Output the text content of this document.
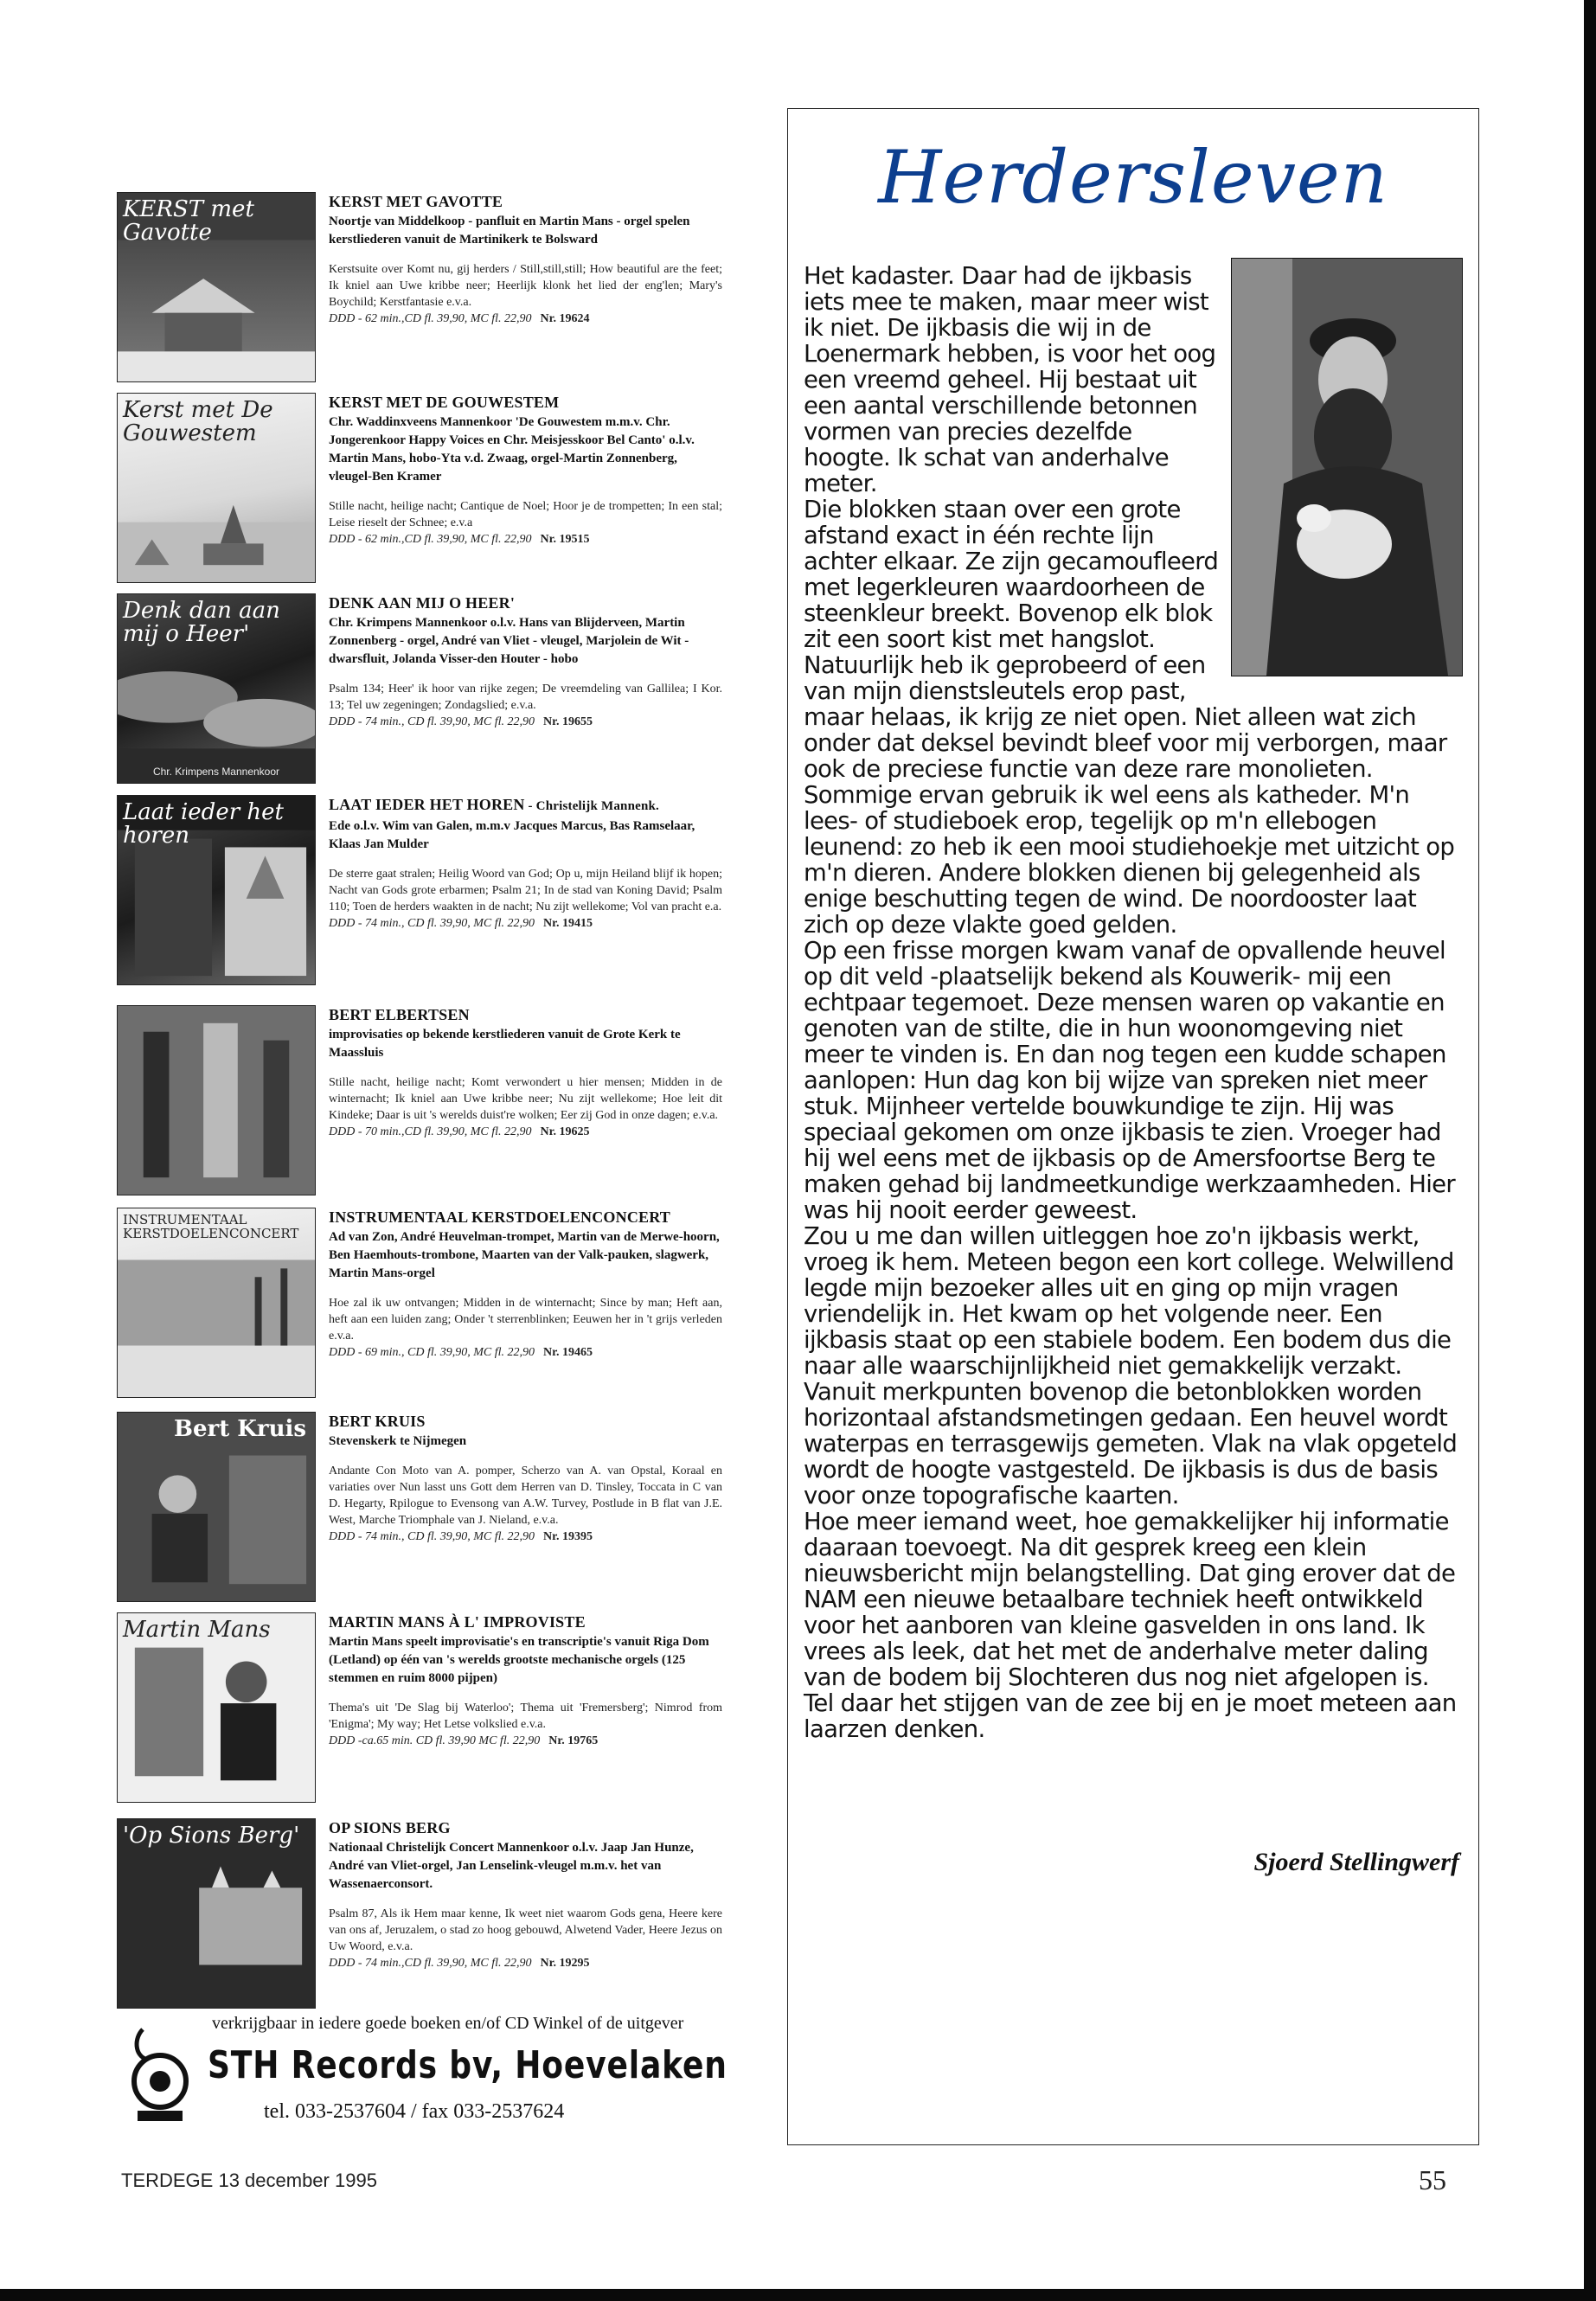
KERST met Gavotte

KERST MET GAVOTTE

Noortje van Middelkoop - panfluit en Martin Mans - orgel spelen kerstliederen vanuit de Martinikerk te Bolsward

Kerstsuite over Komt nu, gij herders / Still,still,still; How beautiful are the feet; Ik kniel aan Uwe kribbe neer; Heerlijk klonk het lied der eng'len; Mary's Boychild; Kerstfantasie e.v.a.

DDD - 62 min.,CD fl. 39,90, MC fl. 22,90 Nr. 19624

Kerst met De Gouwestem

KERST MET DE GOUWESTEM

Chr. Waddinxveens Mannenkoor 'De Gouwestem m.m.v. Chr. Jongerenkoor Happy Voices en Chr. Meisjesskoor Bel Canto' o.l.v. Martin Mans, hobo-Yta v.d. Zwaag, orgel-Martin Zonnenberg, vleugel-Ben Kramer

Stille nacht, heilige nacht; Cantique de Noel; Hoor je de trompetten; In een stal; Leise rieselt der Schnee; e.v.a

DDD - 62 min.,CD fl. 39,90, MC fl. 22,90 Nr. 19515

Denk dan aan mij o Heer'
Chr. Krimpens Mannenkoor

DENK AAN MIJ O HEER'

Chr. Krimpens Mannenkoor o.l.v. Hans van Blijderveen, Martin Zonnenberg - orgel, André van Vliet - vleugel, Marjolein de Wit - dwarsfluit, Jolanda Visser-den Houter - hobo

Psalm 134; Heer' ik hoor van rijke zegen; De vreemdeling van Gallilea; I Kor. 13; Tel uw zegeningen; Zondagslied; e.v.a.

DDD - 74 min., CD fl. 39,90, MC fl. 22,90 Nr. 19655

Laat ieder het horen

LAAT IEDER HET HOREN - Christelijk Mannenk.

Ede o.l.v. Wim van Galen, m.m.v Jacques Marcus, Bas Ramselaar, Klaas Jan Mulder

De sterre gaat stralen; Heilig Woord van God; Op u, mijn Heiland blijf ik hopen; Nacht van Gods grote erbarmen; Psalm 21; In de stad van Koning David; Psalm 110; Toen de herders waakten in de nacht; Nu zijt wellekome; Vol van pracht e.a.

DDD - 74 min., CD fl. 39,90, MC fl. 22,90 Nr. 19415

BERT ELBERTSEN

improvisaties op bekende kerstliederen vanuit de Grote Kerk te Maassluis

Stille nacht, heilige nacht; Komt verwondert u hier mensen; Midden in de winternacht; Ik kniel aan Uwe kribbe neer; Nu zijt wellekome; Hoe leit dit Kindeke; Daar is uit 's werelds duist're wolken; Eer zij God in onze dagen; e.v.a.

DDD - 70 min.,CD fl. 39,90, MC fl. 22,90 Nr. 19625

INSTRUMENTAAL KERSTDOELENCONCERT

INSTRUMENTAAL KERSTDOELENCONCERT

Ad van Zon, André Heuvelman-trompet, Martin van de Merwe-hoorn, Ben Haemhouts-trombone, Maarten van der Valk-pauken, slagwerk, Martin Mans-orgel

Hoe zal ik uw ontvangen; Midden in de winternacht; Since by man; Heft aan, heft aan een luiden zang; Onder 't sterrenblinken; Eeuwen her in 't grijs verleden e.v.a.

DDD - 69 min., CD fl. 39,90, MC fl. 22,90 Nr. 19465

Bert Kruis BERT KRUIS

Stevenskerk te Nijmegen

Andante Con Moto van A. pomper, Scherzo van A. van Opstal, Koraal en variaties over Nun lasst uns Gott dem Herren van D. Tinsley, Toccata in C van D. Hegarty, Rpilogue to Evensong van A.W. Turvey, Postlude in B flat van J.E. West, Marche Triomphale van J. Nieland, e.v.a.

DDD - 74 min., CD fl. 39,90, MC fl. 22,90 Nr. 19395

Martin Mans	MARTIN MANS À L' IMPROVISTE

Martin Mans speelt improvisatie's en transcriptie's vanuit Riga Dom (Letland) op één van 's werelds grootste mechanische orgels (125 stemmen en ruim 8000 pijpen)

Thema's uit 'De Slag bij Waterloo'; Thema uit 'Fremersberg'; Nimrod from 'Enigma'; My way; Het Letse volkslied e.v.a.

DDD -ca.65 min. CD fl. 39,90 MC fl. 22,90 Nr. 19765

'Op Sions Berg'	OP SIONS BERG

Nationaal Christelijk Concert Mannenkoor o.l.v. Jaap Jan Hunze, André van Vliet-orgel, Jan Lenselink-vleugel m.m.v. het van Wassenaerconsort.

Psalm 87, Als ik Hem maar kenne, Ik weet niet waarom Gods gena, Heere kere van ons af, Jeruzalem, o stad zo hoog gebouwd, Alwetend Vader, Heere Jezus on Uw Woord, e.v.a.

DDD - 74 min.,CD fl. 39,90, MC fl. 22,90 Nr. 19295

verkrijgbaar in iedere goede boeken en/of CD Winkel of de uitgever
STH Records bv, Hoevelaken
tel. 033-2537604 / fax 033-2537624
Herdersleven

Het kadaster. Daar had de ijkbasis iets mee te maken, maar meer wist ik niet. De ijkbasis die wij in de Loenermark hebben, is voor het oog een vreemd geheel. Hij bestaat uit een aantal verschillende betonnen vormen van precies dezelfde hoogte. Ik schat van anderhalve meter.

Die blokken staan over een grote afstand exact in één rechte lijn achter elkaar. Ze zijn gecamoufleerd met legerkleuren waardoorheen de steenkleur breekt. Bovenop elk blok zit een soort kist met hangslot. Natuurlijk heb ik geprobeerd of een van mijn dienstsleutels erop past, maar helaas, ik krijg ze niet open. Niet alleen wat zich onder dat deksel bevindt bleef voor mij verborgen, maar ook de preciese functie van deze rare monolieten. Sommige ervan gebruik ik wel eens als katheder. M'n lees- of studieboek erop, tegelijk op m'n ellebogen leunend: zo heb ik een mooi studiehoekje met uitzicht op m'n dieren. Andere blokken dienen bij gelegenheid als enige beschutting tegen de wind. De noordooster laat zich op deze vlakte goed gelden.

Op een frisse morgen kwam vanaf de opvallende heuvel op dit veld -plaatselijk bekend als Kouwerik- mij een echtpaar tegemoet. Deze mensen waren op vakantie en genoten van de stilte, die in hun woonomgeving niet meer te vinden is. En dan nog tegen een kudde schapen aanlopen: Hun dag kon bij wijze van spreken niet meer stuk. Mijnheer vertelde bouwkundige te zijn. Hij was speciaal gekomen om onze ijkbasis te zien. Vroeger had hij wel eens met de ijkbasis op de Amersfoortse Berg te maken gehad bij landmeetkundige werkzaamheden. Hier was hij nooit eerder geweest.

Zou u me dan willen uitleggen hoe zo'n ijkbasis werkt, vroeg ik hem. Meteen begon een kort college. Welwillend legde mijn bezoeker alles uit en ging op mijn vragen vriendelijk in. Het kwam op het volgende neer. Een ijkbasis staat op een stabiele bodem. Een bodem dus die naar alle waarschijnlijkheid niet gemakkelijk verzakt. Vanuit merkpunten bovenop die betonblokken worden horizontaal afstandsmetingen gedaan. Een heuvel wordt waterpas en terrasgewijs gemeten. Vlak na vlak opgeteld wordt de hoogte vastgesteld. De ijkbasis is dus de basis voor onze topografische kaarten.

Hoe meer iemand weet, hoe gemakkelijker hij informatie daaraan toevoegt. Na dit gesprek kreeg een klein nieuwsbericht mijn belangstelling. Dat ging erover dat de NAM een nieuwe betaalbare techniek heeft ontwikkeld voor het aanboren van kleine gasvelden in ons land. Ik vrees als leek, dat het met de anderhalve meter daling van de bodem bij Slochteren dus nog niet afgelopen is. Tel daar het stijgen van de zee bij en je moet meteen aan laarzen denken.

Sjoerd Stellingwerf

TERDEGE 13 december 1995	55
